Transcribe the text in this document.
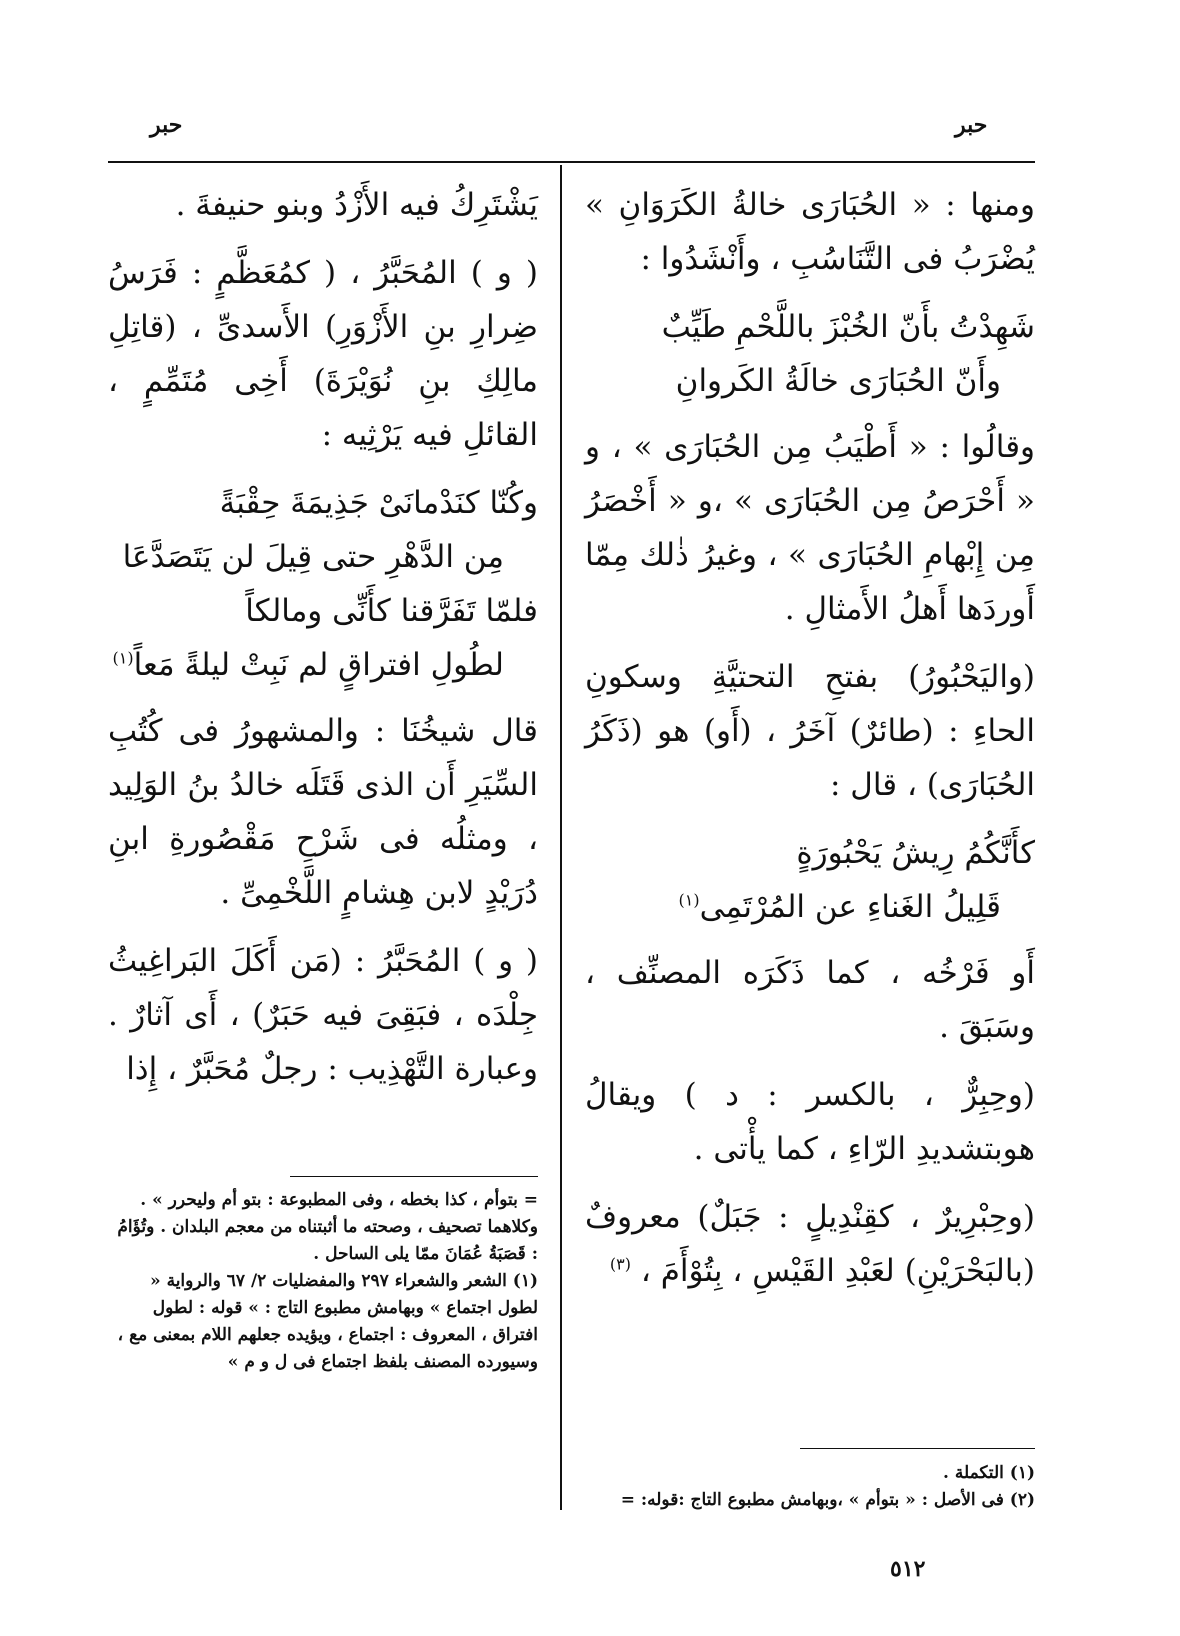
حبر
حبر

ومنها : « الحُبَارَى خالةُ الكَرَوَانِ » يُضْرَبُ فى التَّنَاسُبِ ، وأَنْشَدُوا :

شَهِدْتُ بأَنّ الخُبْزَ باللَّحْمِ طَيِّبٌ
وأَنّ الحُبَارَى خالَةُ الكَروانِ

وقالُوا : « أَطْيَبُ مِن الحُبَارَى » ، و « أَحْرَصُ مِن الحُبَارَى » ،و « أَخْصَرُ مِن إِبْهامِ الحُبَارَى » ، وغيرُ ذٰلك مِمّا أَوردَها أَهلُ الأَمثالِ .

(واليَحْبُورُ) بفتحِ التحتيَّةِ وسكونِ الحاءِ : (طائرٌ) آخَرُ ، (أَو) هو (ذَكَرُ الحُبَارَى) ، قال :

كأَنَّكُمُ رِيشُ يَحْبُورَةٍ
قَلِيلُ الغَناءِ عن المُرْتَمِى$^{(١)}$

أَو فَرْخُه ، كما ذَكَرَه المصنِّف ، وسَبَقَ .

(وحِبِرٌّ ، بالكسر : د ) ويقالُ هوبتشديدِ الرّاءِ ، كما يأْتى .

(وحِبْرِيرٌ ، كقِنْدِيلٍ : جَبَلٌ) معروفٌ (بالبَحْرَيْنِ) لعَبْدِ القَيْسِ ، بِتُوْأَمَ ، $^{(٣)}$

(١) التكملة .

(٢) فى الأصل : « بتوأم » ،وبهامش مطبوع التاج :قوله: =

يَشْتَرِكُ فيه الأَزْدُ وبنو حنيفةَ .

( و ) المُحَبَّرُ ، ( كمُعَظَّمٍ : فَرَسُ ضِرارِ بنِ الأَزْوَرِ) الأَسدىِّ ، (قاتِلِ مالِكِ بنِ نُوَيْرَةَ) أَخِى مُتَمِّمٍ ، القائلِ فيه يَرْثِيه :

وكُنّا كنَدْمانَىْ جَذِيمَةَ حِقْبَةً
مِن الدَّهْرِ حتى قِيلَ لن يَتَصَدَّعَا
فلمّا تَفَرَّقنا كأَنِّى ومالكاً
لطُولِ افتراقٍ لم نَبِتْ ليلةً مَعاً$^{(١)}$

قال شيخُنَا : والمشهورُ فى كُتُبِ السِّيَرِ أَن الذى قَتَلَه خالدُ بنُ الوَلِيد ، ومثلُه فى شَرْحِ مَقْصُورةِ ابنِ دُرَيْدٍ لابن هِشامٍ اللَّخْمِىِّ .

( و ) المُحَبَّرُ : (مَن أَكَلَ البَراغِيثُ جِلْدَه ، فبَقِىَ فيه حَبَرٌ) ، أَى آثارٌ . وعبارة التَّهْذِيب : رجلٌ مُحَبَّرٌ ، إِذا

= بتوأم ، كذا بخطه ، وفى المطبوعة : بتو أم وليحرر » . وكلاهما تصحيف ، وصحته ما أثبتناه من معجم البلدان . وتُؤَامُ : قَصَبَةُ عُمَانَ ممّا يلى الساحل .

(١) الشعر والشعراء ٢٩٧ والمفضليات ٢/ ٦٧ والرواية « لطول اجتماع » وبهامش مطبوع التاج : » قوله : لطول افتراق ، المعروف : اجتماع ، ويؤيده جعلهم اللام بمعنى مع ، وسيورده المصنف بلفظ اجتماع فى ل و م »

٥١٢
